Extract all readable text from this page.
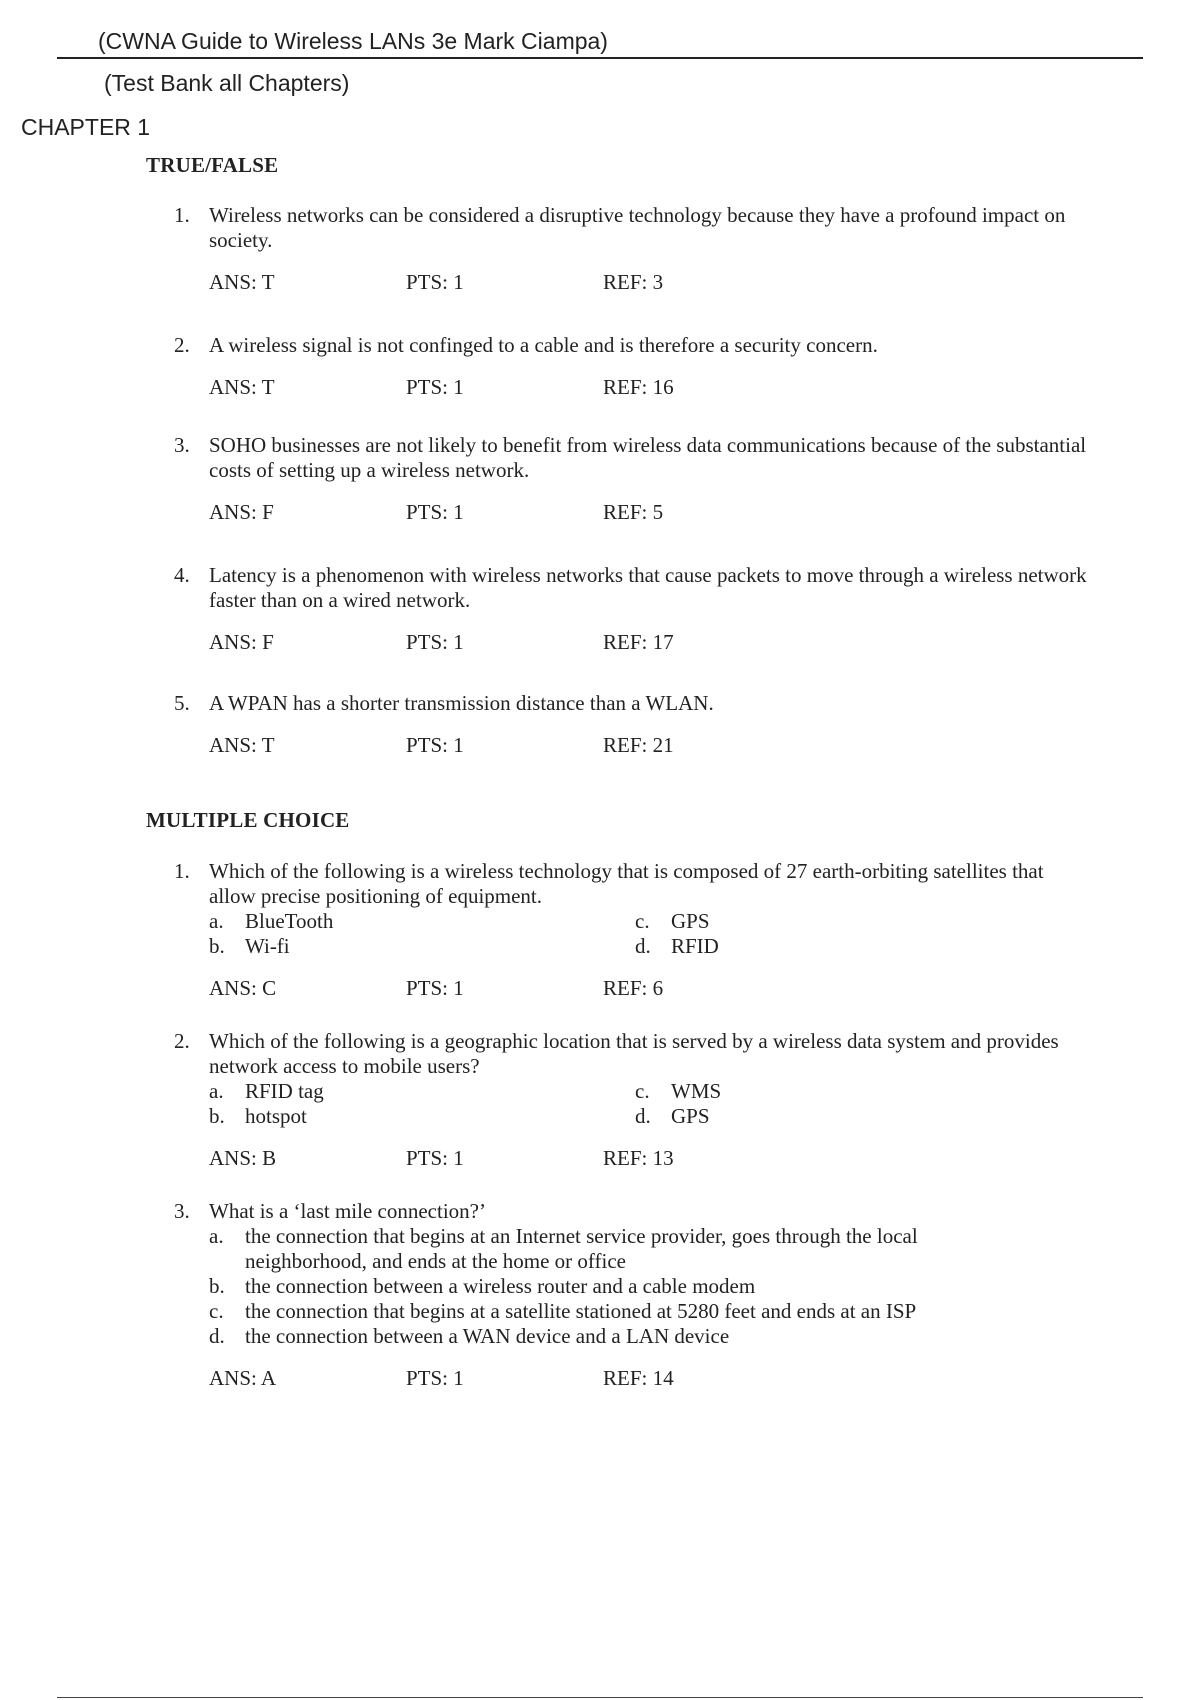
(CWNA Guide to Wireless LANs 3e Mark Ciampa)
(Test Bank all Chapters)
CHAPTER 1
TRUE/FALSE
1. Wireless networks can be considered a disruptive technology because they have a profound impact on society.
ANS: T	PTS: 1	REF: 3
2. A wireless signal is not confinged to a cable and is therefore a security concern.
ANS: T	PTS: 1	REF: 16
3. SOHO businesses are not likely to benefit from wireless data communications because of the substantial costs of setting up a wireless network.
ANS: F	PTS: 1	REF: 5
4. Latency is a phenomenon with wireless networks that cause packets to move through a wireless network faster than on a wired network.
ANS: F	PTS: 1	REF: 17
5. A WPAN has a shorter transmission distance than a WLAN.
ANS: T	PTS: 1	REF: 21
MULTIPLE CHOICE
1. Which of the following is a wireless technology that is composed of 27 earth-orbiting satellites that allow precise positioning of equipment.
a. BlueTooth
b. Wi-fi
c. GPS
d. RFID
ANS: C	PTS: 1	REF: 6
2. Which of the following is a geographic location that is served by a wireless data system and provides network access to mobile users?
a. RFID tag
b. hotspot
c. WMS
d. GPS
ANS: B	PTS: 1	REF: 13
3. What is a ‘last mile connection?’
a. the connection that begins at an Internet service provider, goes through the local neighborhood, and ends at the home or office
b. the connection between a wireless router and a cable modem
c. the connection that begins at a satellite stationed at 5280 feet and ends at an ISP
d. the connection between a WAN device and a LAN device
ANS: A	PTS: 1	REF: 14
